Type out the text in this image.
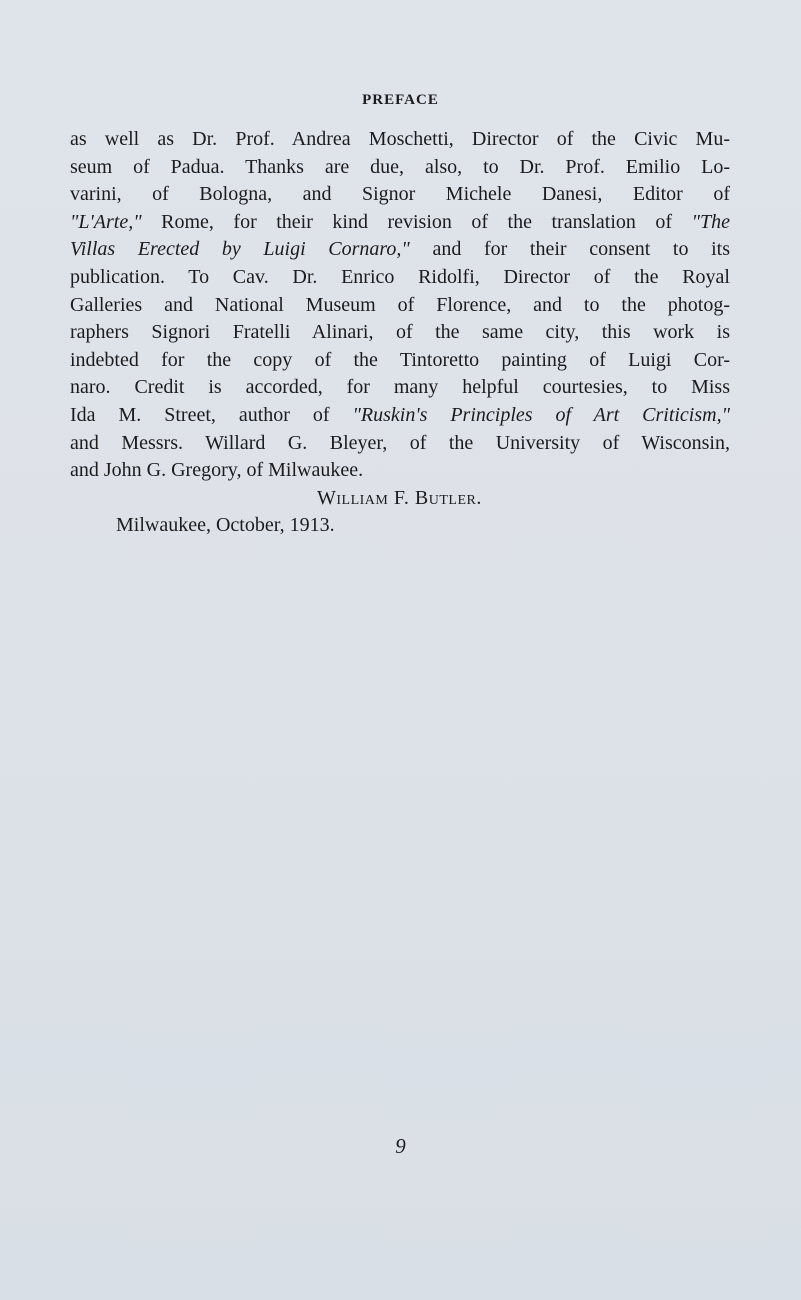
PREFACE
as well as Dr. Prof. Andrea Moschetti, Director of the Civic Mu-
seum of Padua. Thanks are due, also, to Dr. Prof. Emilio Lo-
varini, of Bologna, and Signor Michele Danesi, Editor of
"L'Arte," Rome, for their kind revision of the translation of "The
Villas Erected by Luigi Cornaro," and for their consent to its
publication. To Cav. Dr. Enrico Ridolfi, Director of the Royal
Galleries and National Museum of Florence, and to the photog-
raphers Signori Fratelli Alinari, of the same city, this work is
indebted for the copy of the Tintoretto painting of Luigi Cor-
naro. Credit is accorded, for many helpful courtesies, to Miss
Ida M. Street, author of "Ruskin's Principles of Art Criticism,"
and Messrs. Willard G. Bleyer, of the University of Wisconsin,
and John G. Gregory, of Milwaukee.
William F. Butler.
Milwaukee, October, 1913.
9
